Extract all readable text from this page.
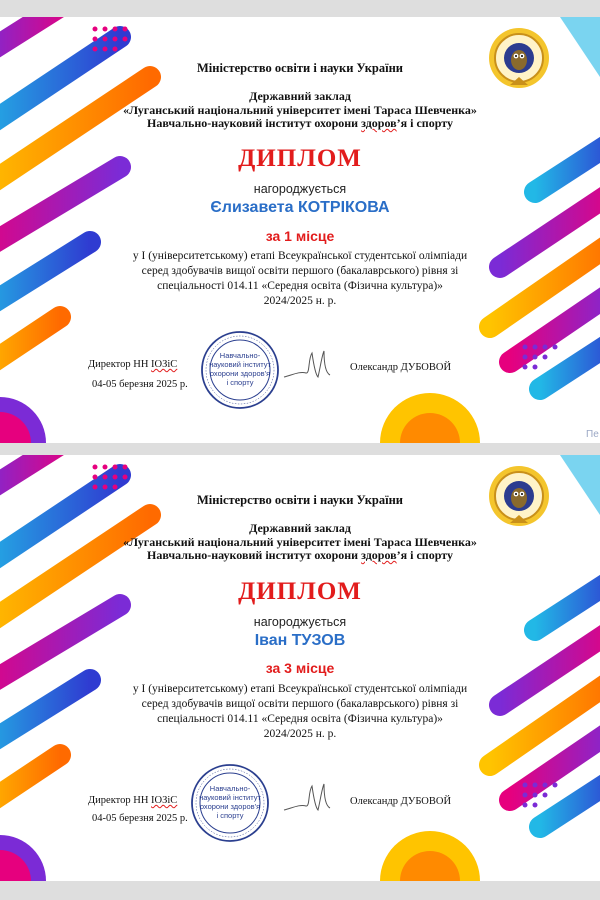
Міністерство освіти і науки України
Державний заклад
«Луганський національний університет імені Тараса Шевченка»
Навчально-науковий інститут охорони здоров’я і спорту
ДИПЛОМ
нагороджується
Єлизавета КОТРІКОВА
за 1 місце
у І (університетському) етапі Всеукраїнської студентської олімпіади
серед здобувачів вищої освіти першого (бакалаврського) рівня зі
спеціальності 014.11 «Середня освіта (Фізична культура)»
2024/2025 н. р.
Директор НН ІОЗіС
04-05 березня 2025 р.
Олександр ДУБОВОЙ
Навчально-
науковий інститут
охорони здоров'я
і спорту
Пе
Міністерство освіти і науки України
Державний заклад
«Луганський національний університет імені Тараса Шевченка»
Навчально-науковий інститут охорони здоров’я і спорту
ДИПЛОМ
нагороджується
Іван ТУЗОВ
за 3 місце
у І (університетському) етапі Всеукраїнської студентської олімпіади
серед здобувачів вищої освіти першого (бакалаврського) рівня зі
спеціальності 014.11 «Середня освіта (Фізична культура)»
2024/2025 н. р.
Директор НН ІОЗіС
04-05 березня 2025 р.
Олександр ДУБОВОЙ
Навчально-
науковий інститут
охорони здоров'я
і спорту
